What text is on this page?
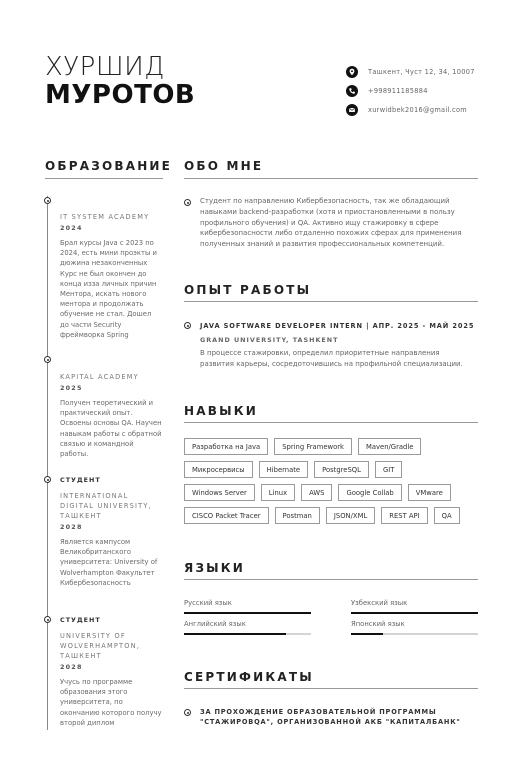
ХУРШИД
МУРОТОВ
Ташкент, Чуст 12, 34, 10007
+998911185884
xurwidbek2016@gmail.com
ОБРАЗОВАНИЕ
IT SYSTEM ACADEMY
2024
Брал курсы Java с 2023 по 2024, есть мини проэкты и дюжина незаконченных Курс не был окончен до конца изза личных причин Ментора, искать нового ментора и продолжать обучение не стал. Дошел до части Security фреймворка Spring
KAPITAL ACADEMY
2025
Получен теоретический и практический опыт. Освоены основы QA. Научен навыкам работы с обратной связью и командной работы.
СТУДЕНТ
INTERNATIONAL DIGITAL UNIVERSITY, ТАШКЕНТ
2028
Является кампусом Великобританского университета: University of Wolverhampton Факультет Кибербезопасность
СТУДЕНТ
UNIVERSITY OF WOLVERHAMPTON, ТАШКЕНТ
2028
Учусь по программе образования этого университета, по окончанию которого получу второй диплом
ОБО МНЕ
Студент по направлению Кибербезопасность, так же обладающий навыками backend-разработки (хотя и приостановленными в пользу профильного обучения) и QA. Активно ищу стажировку в сфере кибербезопасности либо отдаленно похожих сферах для применения полученных знаний и развития профессиональных компетенций.
ОПЫТ РАБОТЫ
JAVA SOFTWARE DEVELOPER INTERN | АПР. 2025 - МАЙ 2025
GRAND UNIVERSITY, TASHKENT
В процессе стажировки, определил приоритетные направления развития карьеры, сосредоточившись на профильной специализации.
НАВЫКИ
Разработка на Java	Spring Framework	Maven/Gradle
Микросервисы	Hibernate	PostgreSQL	GIT
Windows Server	Linux	AWS	Google Collab	VMware
CISCO Packet Tracer	Postman	JSON/XML	REST API	QA
ЯЗЫКИ
Русский язык	Узбекский язык
Английский язык	Японский язык
СЕРТИФИКАТЫ
ЗА ПРОХОЖДЕНИЕ ОБРАЗОВАТЕЛЬНОЙ ПРОГРАММЫ "СТАЖИРОВQA", ОРГАНИЗОВАННОЙ АКБ "КАПИТАЛБАНК"
